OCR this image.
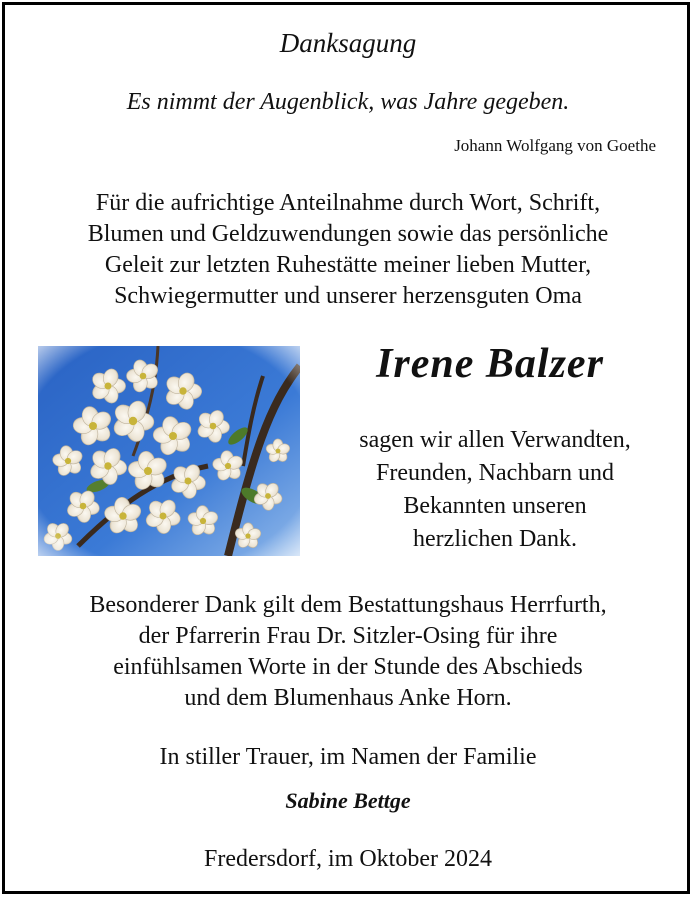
Danksagung
Es nimmt der Augenblick, was Jahre gegeben.
Johann Wolfgang von Goethe
Für die aufrichtige Anteilnahme durch Wort, Schrift,
Blumen und Geldzuwendungen sowie das persönliche
Geleit zur letzten Ruhestätte meiner lieben Mutter,
Schwiegermutter und unserer herzensguten Oma
Irene Balzer
sagen wir allen Verwandten,
Freunden, Nachbarn und
Bekannten unseren
herzlichen Dank.
Besonderer Dank gilt dem Bestattungshaus Herrfurth,
der Pfarrerin Frau Dr. Sitzler-Osing für ihre
einfühlsamen Worte in der Stunde des Abschieds
und dem Blumenhaus Anke Horn.
In stiller Trauer, im Namen der Familie
Sabine Bettge
Fredersdorf, im Oktober 2024
